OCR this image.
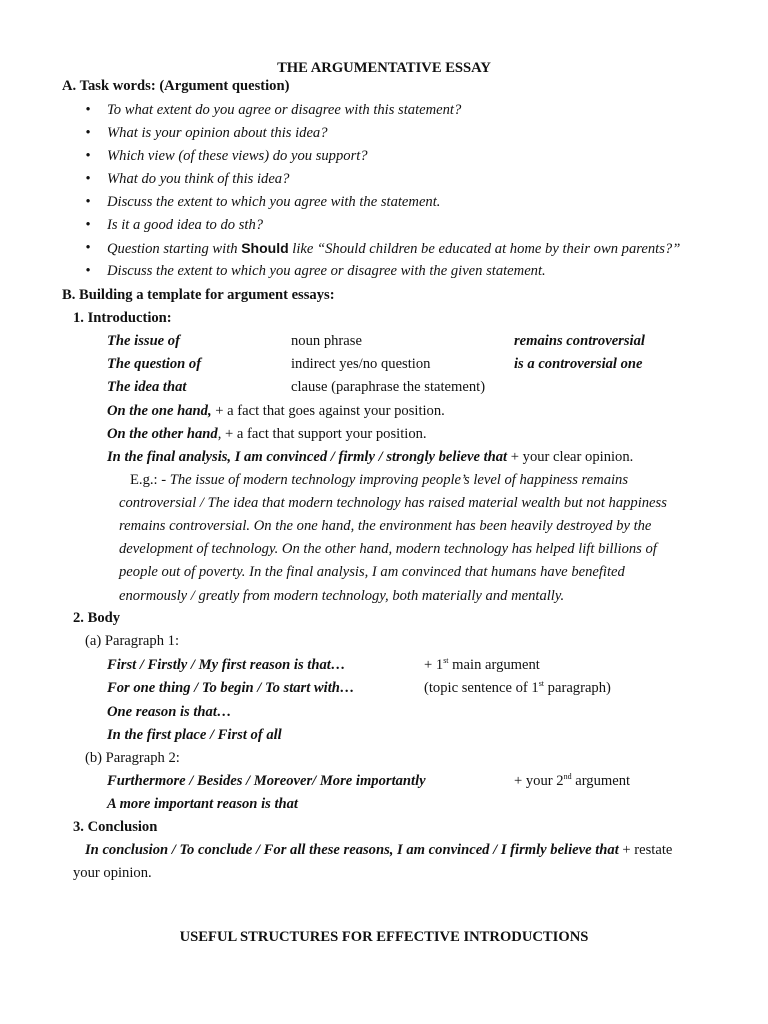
THE ARGUMENTATIVE ESSAY
A. Task words: (Argument question)
• To what extent do you agree or disagree with this statement?
• What is your opinion about this idea?
• Which view (of these views) do you support?
• What do you think of this idea?
• Discuss the extent to which you agree with the statement.
• Is it a good idea to do sth?
• Question starting with Should like “Should children be educated at home by their own parents?”
• Discuss the extent to which you agree or disagree with the given statement.
B. Building a template for argument essays:
1. Introduction:
The issue of	noun phrase	remains controversial
The question of	indirect yes/no question	is a controversial one
The idea that	clause (paraphrase the statement)
On the one hand, + a fact that goes against your position.
On the other hand, + a fact that support your position.
In the final analysis, I am convinced / firmly / strongly believe that + your clear opinion.
E.g.: - The issue of modern technology improving people’s level of happiness remains
controversial / The idea that modern technology has raised material wealth but not happiness
remains controversial. On the one hand, the environment has been heavily destroyed by the
development of technology. On the other hand, modern technology has helped lift billions of
people out of poverty. In the final analysis, I am convinced that humans have benefited
enormously / greatly from modern technology, both materially and mentally.
2. Body
(a) Paragraph 1:
First / Firstly / My first reason is that…	+ 1st main argument
For one thing / To begin / To start with…	(topic sentence of 1st paragraph)
One reason is that…
In the first place / First of all
(b) Paragraph 2:
Furthermore / Besides / Moreover/ More importantly	+ your 2nd argument
A more important reason is that
3. Conclusion
In conclusion / To conclude / For all these reasons, I am convinced / I firmly believe that + restate
your opinion.
USEFUL STRUCTURES FOR EFFECTIVE INTRODUCTIONS
